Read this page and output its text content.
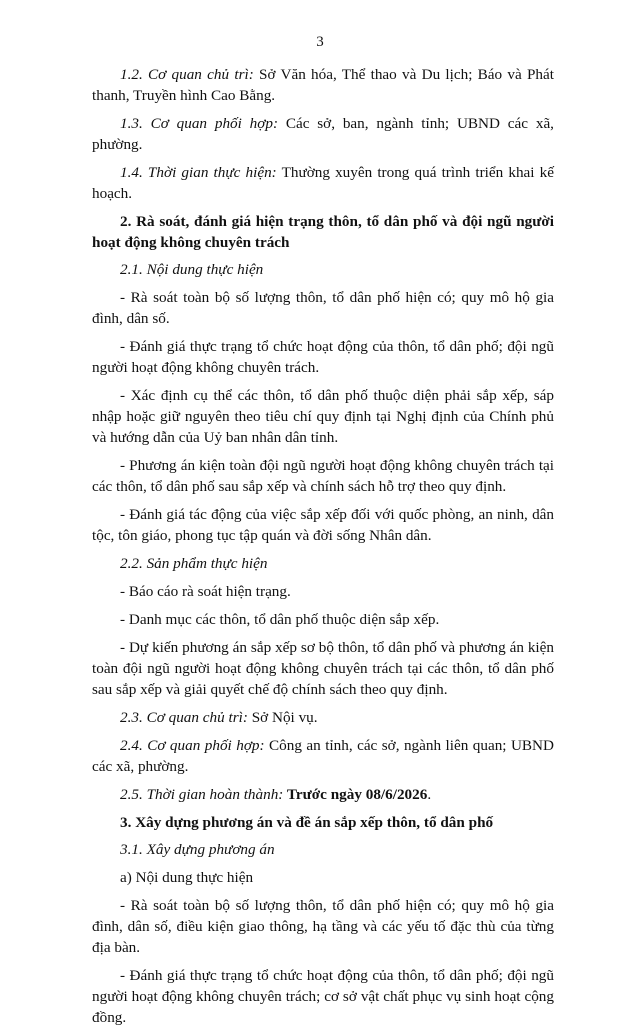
3

1.2. Cơ quan chủ trì: Sở Văn hóa, Thể thao và Du lịch; Báo và Phát thanh, Truyền hình Cao Bằng.

1.3. Cơ quan phối hợp: Các sở, ban, ngành tỉnh; UBND các xã, phường.

1.4. Thời gian thực hiện: Thường xuyên trong quá trình triển khai kế hoạch.

2. Rà soát, đánh giá hiện trạng thôn, tổ dân phố và đội ngũ người hoạt động không chuyên trách

2.1. Nội dung thực hiện

- Rà soát toàn bộ số lượng thôn, tổ dân phố hiện có; quy mô hộ gia đình, dân số.

- Đánh giá thực trạng tổ chức hoạt động của thôn, tổ dân phố; đội ngũ người hoạt động không chuyên trách.

- Xác định cụ thể các thôn, tổ dân phố thuộc diện phải sắp xếp, sáp nhập hoặc giữ nguyên theo tiêu chí quy định tại Nghị định của Chính phủ và hướng dẫn của Uỷ ban nhân dân tỉnh.

- Phương án kiện toàn đội ngũ người hoạt động không chuyên trách tại các thôn, tổ dân phố sau sắp xếp và chính sách hỗ trợ theo quy định.

- Đánh giá tác động của việc sắp xếp đối với quốc phòng, an ninh, dân tộc, tôn giáo, phong tục tập quán và đời sống Nhân dân.

2.2. Sản phẩm thực hiện

- Báo cáo rà soát hiện trạng.

- Danh mục các thôn, tổ dân phố thuộc diện sắp xếp.

- Dự kiến phương án sắp xếp sơ bộ thôn, tổ dân phố và phương án kiện toàn đội ngũ người hoạt động không chuyên trách tại các thôn, tổ dân phố sau sắp xếp và giải quyết chế độ chính sách theo quy định.

2.3. Cơ quan chủ trì: Sở Nội vụ.

2.4. Cơ quan phối hợp: Công an tỉnh, các sở, ngành liên quan; UBND các xã, phường.

2.5. Thời gian hoàn thành: Trước ngày 08/6/2026.

3. Xây dựng phương án và đề án sắp xếp thôn, tổ dân phố

3.1. Xây dựng phương án

a) Nội dung thực hiện

- Rà soát toàn bộ số lượng thôn, tổ dân phố hiện có; quy mô hộ gia đình, dân số, điều kiện giao thông, hạ tầng và các yếu tố đặc thù của từng địa bàn.

- Đánh giá thực trạng tổ chức hoạt động của thôn, tổ dân phố; đội ngũ người hoạt động không chuyên trách; cơ sở vật chất phục vụ sinh hoạt cộng đồng.
